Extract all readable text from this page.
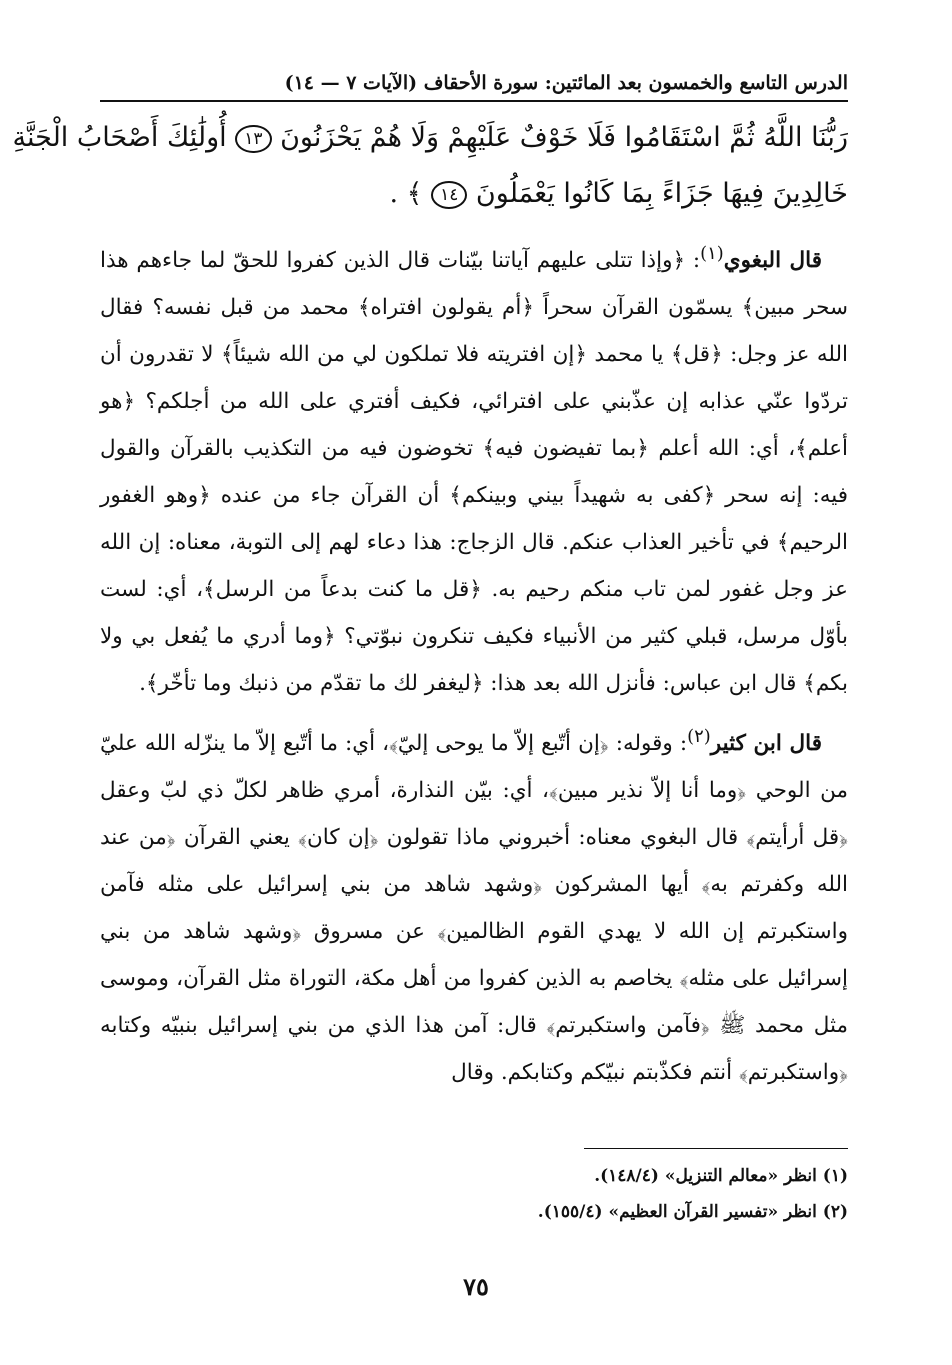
الدرس التاسع والخمسون بعد المائتين: سورة الأحقاف (الآيات ٧ — ١٤)
رَبُّنَا اللَّهُ ثُمَّ اسْتَقَامُوا فَلَا خَوْفٌ عَلَيْهِمْ وَلَا هُمْ يَحْزَنُونَ ١٣ أُولَٰئِكَ أَصْحَابُ الْجَنَّةِ
خَالِدِينَ فِيهَا جَزَاءً بِمَا كَانُوا يَعْمَلُونَ ١٤ ﴾ .

قال البغوي$^{(١)}$: ﴿وإذا تتلى عليهم آياتنا بيّنات قال الذين كفروا للحقّ لما جاءهم هذا سحر مبين﴾ يسمّون القرآن سحراً ﴿أم يقولون افتراه﴾ محمد من قبل نفسه؟ فقال الله عز وجل: ﴿قل﴾ يا محمد ﴿إن افتريته فلا تملكون لي من الله شيئاً﴾ لا تقدرون أن تردّوا عنّي عذابه إن عذّبني على افترائي، فكيف أفتري على الله من أجلكم؟ ﴿هو أعلم﴾، أي: الله أعلم ﴿بما تفيضون فيه﴾ تخوضون فيه من التكذيب بالقرآن والقول فيه: إنه سحر ﴿كفى به شهيداً بيني وبينكم﴾ أن القرآن جاء من عنده ﴿وهو الغفور الرحيم﴾ في تأخير العذاب عنكم. قال الزجاج: هذا دعاء لهم إلى التوبة، معناه: إن الله عز وجل غفور لمن تاب منكم رحيم به. ﴿قل ما كنت بدعاً من الرسل﴾، أي: لست بأوّل مرسل، قبلي كثير من الأنبياء فكيف تنكرون نبوّتي؟ ﴿وما أدري ما يُفعل بي ولا بكم﴾ قال ابن عباس: فأنزل الله بعد هذا: ﴿ليغفر لك ما تقدّم من ذنبك وما تأخّر﴾.

قال ابن كثير$^{(٢)}$: وقوله: ﴿إن أتّبع إلاّ ما يوحى إليّ﴾، أي: ما أتّبع إلاّ ما ينزّله الله عليّ من الوحي ﴿وما أنا إلاّ نذير مبين﴾، أي: بيّن النذارة، أمري ظاهر لكلّ ذي لبّ وعقل ﴿قل أرأيتم﴾ قال البغوي معناه: أخبروني ماذا تقولون ﴿إن كان﴾ يعني القرآن ﴿من عند الله وكفرتم به﴾ أيها المشركون ﴿وشهد شاهد من بني إسرائيل على مثله فآمن واستكبرتم إن الله لا يهدي القوم الظالمين﴾ عن مسروق ﴿وشهد شاهد من بني إسرائيل على مثله﴾ يخاصم به الذين كفروا من أهل مكة، التوراة مثل القرآن، وموسى مثل محمد ﷺ ﴿فآمن واستكبرتم﴾ قال: آمن هذا الذي من بني إسرائيل بنبيّه وكتابه ﴿واستكبرتم﴾ أنتم فكذّبتم نبيّكم وكتابكم. وقال

(١) انظر «معالم التنزيل» (١٤٨/٤).
(٢) انظر «تفسير القرآن العظيم» (١٥٥/٤).
٧٥
